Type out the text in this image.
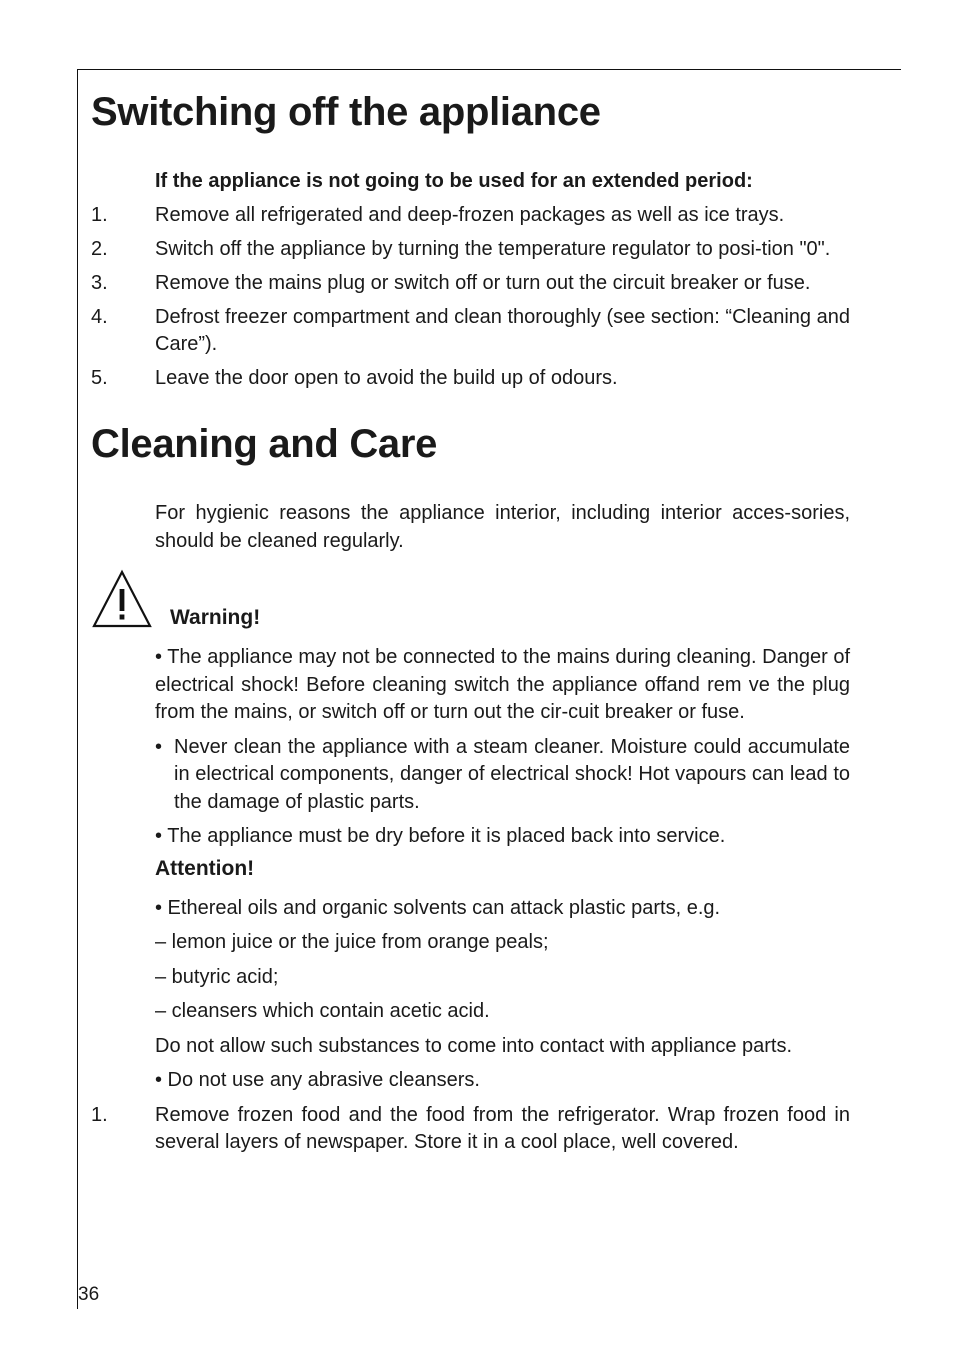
Switching off the appliance
If the appliance is not going to be used for an extended period:
1.	Remove all refrigerated and deep-frozen packages as well as ice trays.
2.	Switch off the appliance by turning the temperature regulator to posi-tion "0".
3.	Remove the mains plug or switch off or turn out the circuit breaker or fuse.
4.	Defrost freezer compartment and clean thoroughly (see section: “Cleaning and Care”).
5.	Leave the door open to avoid the build up of odours.
Cleaning and Care
For hygienic reasons the appliance interior, including interior acces-sories, should be cleaned regularly.
Warning!
• The appliance may not be connected to the mains during cleaning. Danger of electrical shock! Before cleaning switch the appliance offand rem ve the plug from the mains, or switch off or turn out the cir-cuit breaker or fuse.
• Never clean the appliance with a steam cleaner. Moisture could accumulate in electrical components, danger of electrical shock! Hot vapours can lead to the damage of plastic parts.
• The appliance must be dry before it is placed back into service.
Attention!
• Ethereal oils and organic solvents can attack plastic parts, e.g.
– lemon juice or the juice from orange peals;
– butyric acid;
– cleansers which contain acetic acid.
Do not allow such substances to come into contact with appliance parts.
• Do not use any abrasive cleansers.
1.	Remove frozen food and the food from the refrigerator. Wrap frozen food in several layers of newspaper. Store it in a cool place, well covered.
36
